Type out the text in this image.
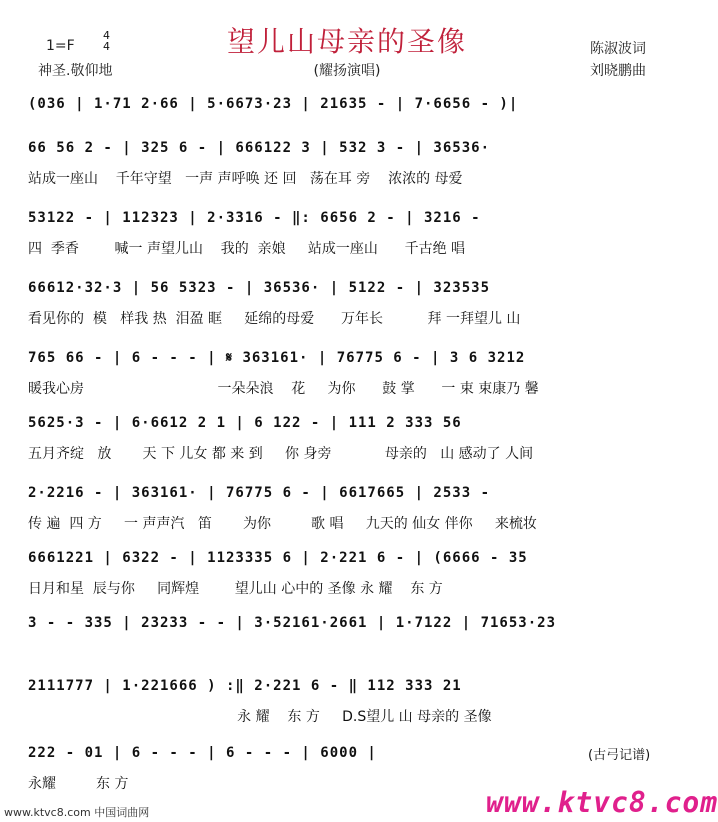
望儿山母亲的圣像
1=F
4
4
神圣.敬仰地	(耀扬演唱)
陈淑波词
刘晓鹏曲
(036 | 1·71 2·66 | 5·6673·23 | 21635 - | 7·6656 - )|
66 56 2 - | 325 6 - | 666122 3 | 532 3 - | 36536·
站成一座山    千年守望   一声 声呼唤 还 回   荡在耳 旁    浓浓的 母爱
53122 - | 112323 | 2·3316 - ‖: 6656 2 - | 3216 -
四  季香        喊一 声望儿山    我的  亲娘     站成一座山      千古绝 唱
66612·32·3 | 56 5323 - | 36536· | 5122 - | 323535
看见你的  模   样我 热  泪盈 眶     延绵的母爱      万年长          拜 一拜望儿 山
765 66 - | 6 - - - | 𝄋 363161· | 76775 6 - | 3 6 3212
暖我心房                              一朵朵浪    花     为你      鼓 掌      一 束 束康乃 馨
5625·3 - | 6·6612 2 1 | 6 122 - | 111 2 333 56
五月齐绽   放       天 下 儿女 都 来 到     你 身旁            母亲的   山 感动了 人间
2·2216 - | 363161· | 76775 6 - | 6617665 | 2533 -
传 遍  四 方     一 声声汽   笛       为你         歌 唱     九天的 仙女 伴你     来梳妆
6661221 | 6322 - | 1123335 6 | 2·221 6 - | (6666 - 35
日月和星  辰与你     同辉煌        望儿山 心中的 圣像 永 耀    东 方
3 - - 335 | 23233 - - | 3·52161·2661 | 1·7122 | 71653·23
2111777 | 1·221666 ) :‖ 2·221 6 - ‖ 112 333 21
永 耀    东 方     D.S望儿 山 母亲的 圣像
222 - 01 | 6 - - - | 6 - - - | 6000 |
永耀         东 方
(古弓记谱)
www.ktvc8.com 中国词曲网	www.ktvc8.com
